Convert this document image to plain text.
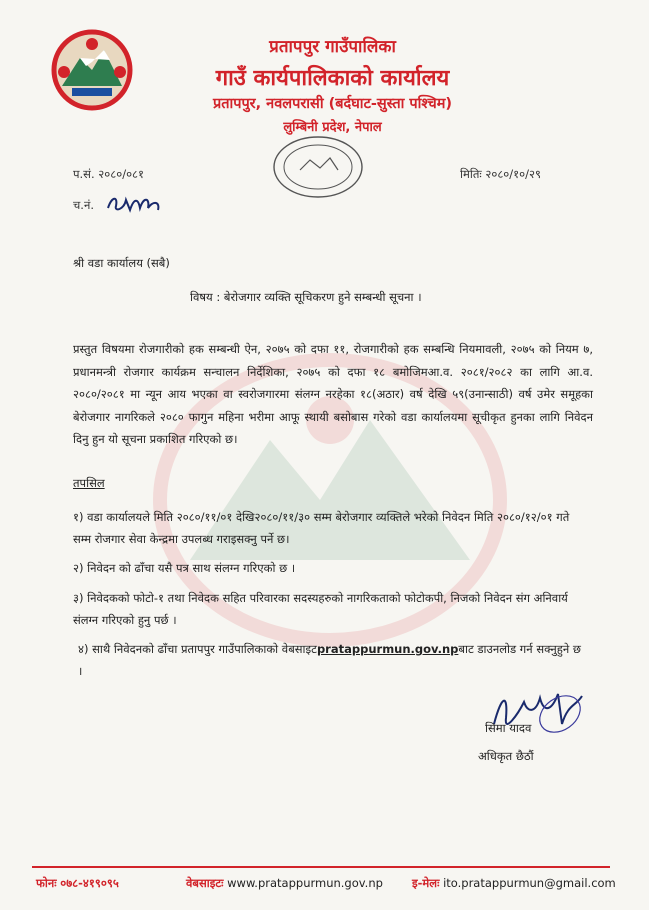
प्रतापपुर गाउँपालिका
गाउँ कार्यपालिकाको कार्यालय
प्रतापपुर, नवलपरासी (बर्दघाट-सुस्ता पश्चिम)
लुम्बिनी प्रदेश, नेपाल
प.सं. २०८०/०८१
च.नं.
मितिः २०८०/१०/२९
श्री वडा कार्यालय (सबै)
विषय : बेरोजगार व्यक्ति सूचिकरण हुने सम्बन्धी सूचना ।
प्रस्तुत विषयमा रोजगारीको हक सम्बन्धी ऐन, २०७५ को दफा ११, रोजगारीको हक सम्बन्धि नियमावली, २०७५ को नियम ७, प्रधानमन्त्री रोजगार कार्यक्रम सन्चालन निर्देशिका, २०७५ को दफा १८ बमोजिमआ.व. २०८१/२०८२ का लागि आ.व. २०८०/२०८१ मा न्यून आय भएका वा स्वरोजगारमा संलग्न नरहेका १८(अठार) वर्ष देखि ५९(उनान्साठी) वर्ष उमेर समूहका बेरोजगार नागरिकले २०८० फागुन महिना भरीमा आफू स्थायी बसोबास गरेको वडा कार्यालयमा सूचीकृत हुनका लागि निवेदन दिनु हुन यो सूचना प्रकाशित गरिएको छ।
तपसिल
१) वडा कार्यालयले मिति २०८०/११/०१ देखि२०८०/११/३० सम्म बेरोजगार व्यक्तिले भरेको निवेदन मिति २०८०/१२/०१ गते सम्म रोजगार सेवा केन्द्रमा उपलब्ध गराइसक्नु पर्ने छ।
२) निवेदन को ढाँचा यसै पत्र साथ संलग्न गरिएको छ ।
३) निवेदकको फोटो-१ तथा निवेदक सहित परिवारका सदस्यहरुको नागरिकताको फोटोकपी, निजको निवेदन संग अनिवार्य संलग्न गरिएको हुनु पर्छ ।
४) साथै निवेदनको ढाँचा प्रतापपुर गाउँपालिकाको वेबसाइटpratappurmun.gov.npबाट डाउनलोड गर्न सक्नुहुने छ ।
सिमा यादव
अधिकृत छैठौं
फोनः ०७८-४१९०९५	वेबसाइटः www.pratappurmun.gov.np	इ-मेलः ito.pratappurmun@gmail.com
